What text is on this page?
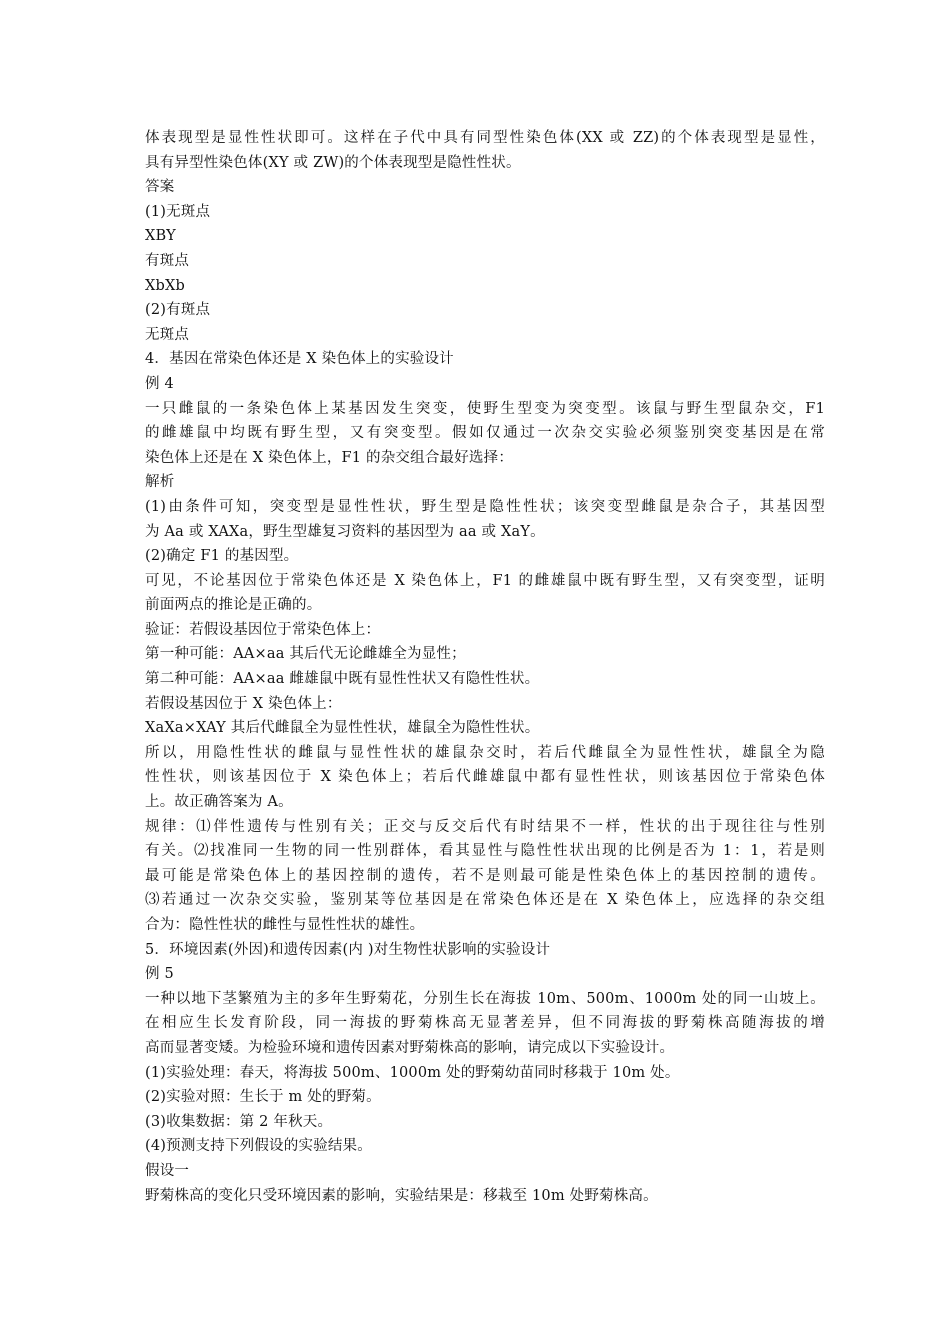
体表现型是显性性状即可。这样在子代中具有同型性染色体(XX 或 ZZ)的个体表现型是显性，
具有异型性染色体(XY 或 ZW)的个体表现型是隐性性状。
答案
(1)无斑点
XBY
有斑点
XbXb
(2)有斑点
无斑点
4．基因在常染色体还是 X 染色体上的实验设计
例 4
一只雌鼠的一条染色体上某基因发生突变，使野生型变为突变型。该鼠与野生型鼠杂交，F1
的雌雄鼠中均既有野生型，又有突变型。假如仅通过一次杂交实验必须鉴别突变基因是在常
染色体上还是在 X 染色体上，F1 的杂交组合最好选择：
解析
(1)由条件可知，突变型是显性性状，野生型是隐性性状；该突变型雌鼠是杂合子，其基因型
为 Aa 或 XAXa，野生型雄复习资料的基因型为 aa 或 XaY。
(2)确定 F1 的基因型。
可见，不论基因位于常染色体还是 X 染色体上，F1 的雌雄鼠中既有野生型，又有突变型，证明
前面两点的推论是正确的。
验证：若假设基因位于常染色体上：
第一种可能：AA×aa 其后代无论雌雄全为显性；
第二种可能：AA×aa 雌雄鼠中既有显性性状又有隐性性状。
若假设基因位于 X 染色体上：
XaXa×XAY 其后代雌鼠全为显性性状，雄鼠全为隐性性状。
所以，用隐性性状的雌鼠与显性性状的雄鼠杂交时，若后代雌鼠全为显性性状，雄鼠全为隐
性性状，则该基因位于 X 染色体上；若后代雌雄鼠中都有显性性状，则该基因位于常染色体
上。故正确答案为 A。
规律：⑴伴性遗传与性别有关；正交与反交后代有时结果不一样，性状的出于现往往与性别
有关。⑵找准同一生物的同一性别群体，看其显性与隐性性状出现的比例是否为 1：1，若是则
最可能是常染色体上的基因控制的遗传，若不是则最可能是性染色体上的基因控制的遗传。
⑶若通过一次杂交实验，鉴别某等位基因是在常染色体还是在 X 染色体上，应选择的杂交组
合为：隐性性状的雌性与显性性状的雄性。
5．环境因素(外因)和遗传因素(内 )对生物性状影响的实验设计
例 5
一种以地下茎繁殖为主的多年生野菊花，分别生长在海拔 10m、500m、1000m 处的同一山坡上。
在相应生长发育阶段，同一海拔的野菊株高无显著差异，但不同海拔的野菊株高随海拔的增
高而显著变矮。为检验环境和遗传因素对野菊株高的影响，请完成以下实验设计。
(1)实验处理：春天，将海拔 500m、1000m 处的野菊幼苗同时移栽于 10m 处。
(2)实验对照：生长于 m 处的野菊。
(3)收集数据：第 2 年秋天。
(4)预测支持下列假设的实验结果。
假设一
野菊株高的变化只受环境因素的影响，实验结果是：移栽至 10m 处野菊株高。
